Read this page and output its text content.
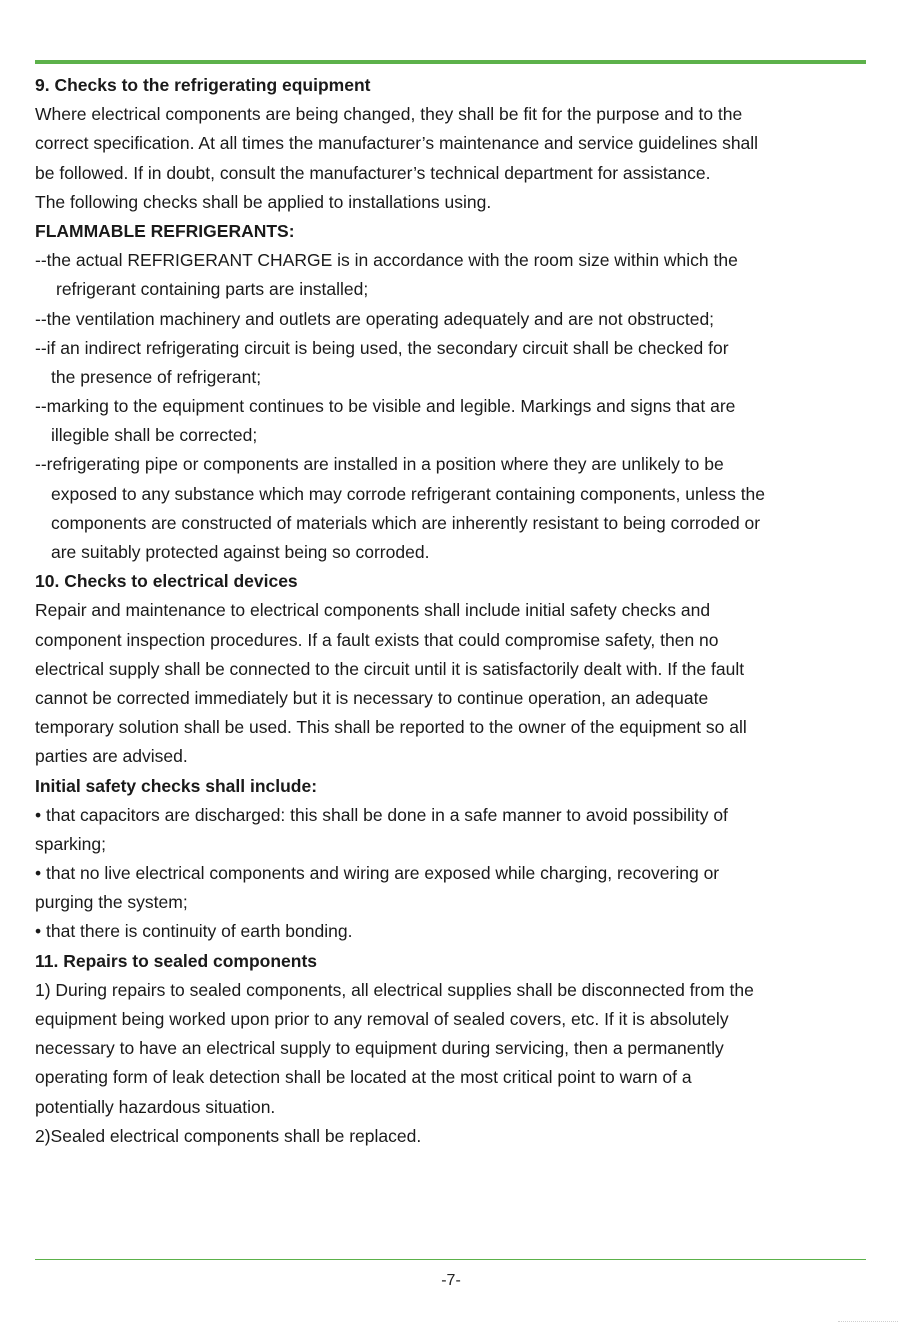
9. Checks to the refrigerating equipment
Where electrical components are being changed, they shall be fit for the purpose and to the
correct specification. At all times the manufacturer’s maintenance and service guidelines shall
be followed. If in doubt, consult the manufacturer’s technical department for assistance.
The following checks shall be applied to installations using.
FLAMMABLE REFRIGERANTS:
--the actual REFRIGERANT CHARGE is in accordance with the room size within which the
refrigerant containing parts are installed;
--the ventilation machinery and outlets are operating adequately and are not obstructed;
--if an indirect refrigerating circuit is being used, the secondary circuit shall be checked for
the presence of refrigerant;
--marking to the equipment continues to be visible and legible. Markings and signs that are
illegible shall be corrected;
--refrigerating pipe or components are installed in a position where they are unlikely to be
exposed to any substance which may corrode refrigerant containing components, unless the
components are constructed of materials which are inherently resistant to being corroded or
are suitably protected against being so corroded.
10. Checks to electrical devices
Repair and maintenance to electrical components shall include initial safety checks and
component inspection procedures. If a fault exists that could compromise safety, then no
electrical supply shall be connected to the circuit until it is satisfactorily dealt with. If the fault
cannot be corrected immediately but it is necessary to continue operation, an adequate
temporary solution shall be used. This shall be reported to the owner of the equipment so all
parties are advised.
Initial safety checks shall include:
• that capacitors are discharged: this shall be done in a safe manner to avoid possibility of
sparking;
• that no live electrical components and wiring are exposed while charging, recovering or
purging the system;
• that there is continuity of earth bonding.
11. Repairs to sealed components
1) During repairs to sealed components, all electrical supplies shall be disconnected from the
equipment being worked upon prior to any removal of sealed covers, etc. If it is absolutely
necessary to have an electrical supply to equipment during servicing, then a permanently
operating form of leak detection shall be located at the most critical point to warn of a
potentially hazardous situation.
2)Sealed electrical components shall be replaced.
-7-
